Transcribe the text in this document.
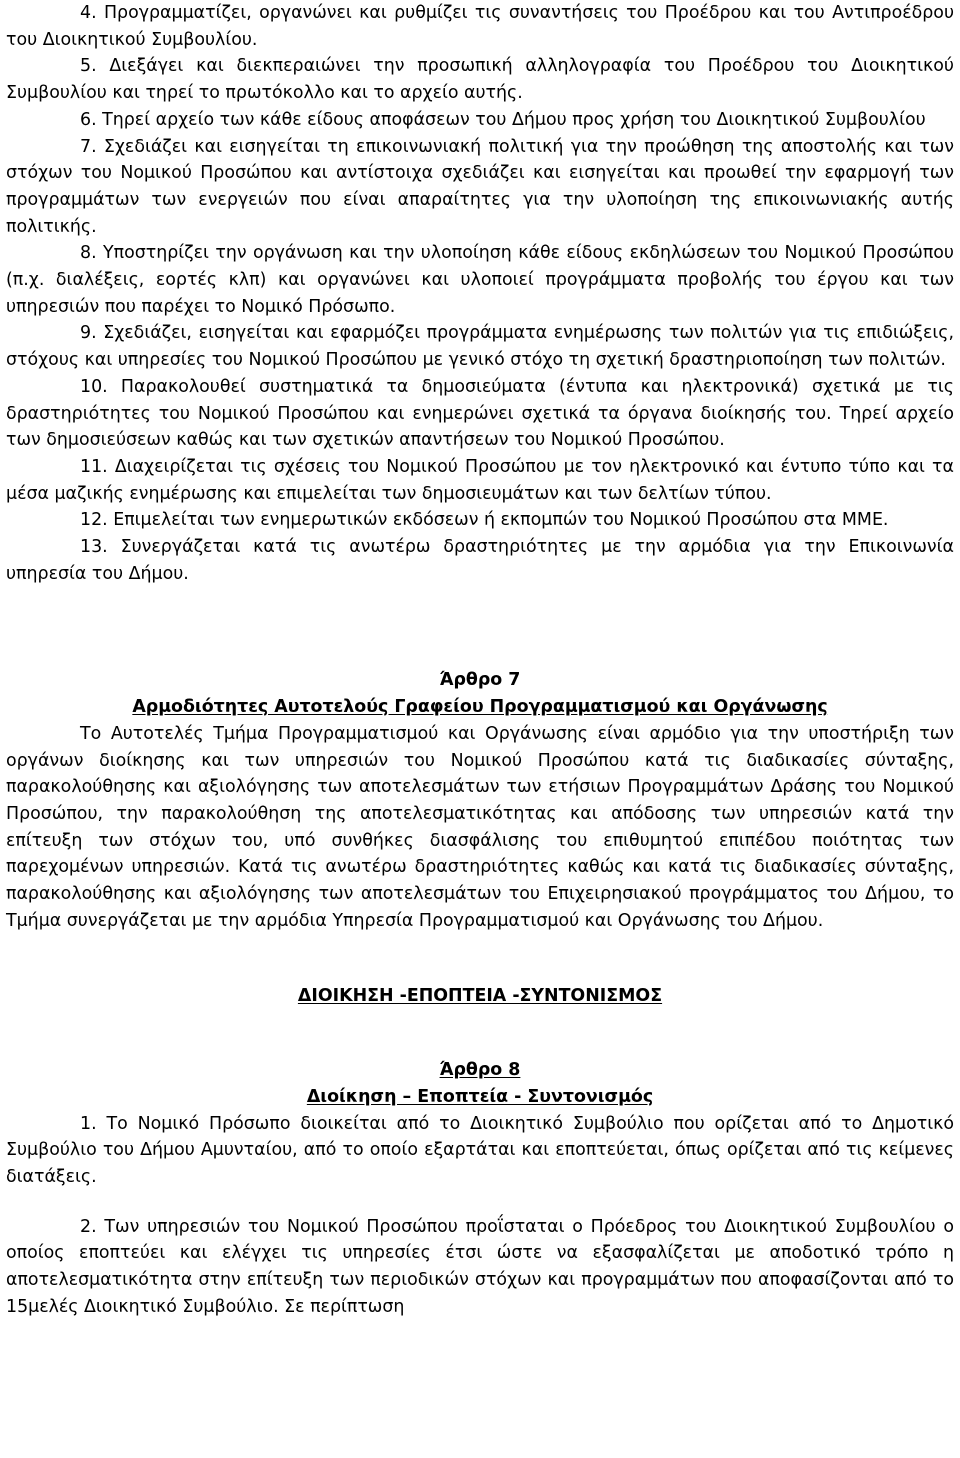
4. Προγραμματίζει, οργανώνει και ρυθμίζει τις συναντήσεις του Προέδρου και του Αντιπροέδρου του Διοικητικού Συμβουλίου.

5. Διεξάγει και διεκπεραιώνει την προσωπική αλληλογραφία του Προέδρου του Διοικητικού Συμβουλίου και τηρεί το πρωτόκολλο και το αρχείο αυτής.

6. Τηρεί αρχείο των κάθε είδους αποφάσεων του Δήμου προς χρήση του Διοικητικού Συμβουλίου

7. Σχεδιάζει και εισηγείται τη επικοινωνιακή πολιτική για την προώθηση της αποστολής και των στόχων του Νομικού Προσώπου και αντίστοιχα σχεδιάζει και εισηγείται και προωθεί την εφαρμογή των προγραμμάτων των ενεργειών που είναι απαραίτητες για την υλοποίηση της επικοινωνιακής αυτής πολιτικής.

8. Υποστηρίζει την οργάνωση και την υλοποίηση κάθε είδους εκδηλώσεων του Νομικού Προσώπου (π.χ. διαλέξεις, εορτές κλπ) και οργανώνει και υλοποιεί προγράμματα προβολής του έργου και των υπηρεσιών που παρέχει το Νομικό Πρόσωπο.

9. Σχεδιάζει, εισηγείται και εφαρμόζει προγράμματα ενημέρωσης των πολιτών για τις επιδιώξεις, στόχους και υπηρεσίες του Νομικού Προσώπου με γενικό στόχο τη σχετική δραστηριοποίηση των πολιτών.

10. Παρακολουθεί συστηματικά τα δημοσιεύματα (έντυπα και ηλεκτρονικά) σχετικά με τις δραστηριότητες του Νομικού Προσώπου και ενημερώνει σχετικά τα όργανα διοίκησής του. Τηρεί αρχείο των δημοσιεύσεων καθώς και των σχετικών απαντήσεων του Νομικού Προσώπου.

11. Διαχειρίζεται τις σχέσεις του Νομικού Προσώπου με τον ηλεκτρονικό και έντυπο τύπο και τα μέσα μαζικής ενημέρωσης και επιμελείται των δημοσιευμάτων και των δελτίων τύπου.

12. Επιμελείται των ενημερωτικών εκδόσεων ή εκπομπών του Νομικού Προσώπου στα ΜΜΕ.

13. Συνεργάζεται κατά τις ανωτέρω δραστηριότητες με την αρμόδια για την Επικοινωνία υπηρεσία του Δήμου.

Άρθρο 7

Αρμοδιότητες Αυτοτελούς Γραφείου Προγραμματισμού και Οργάνωσης

Το Αυτοτελές Τμήμα Προγραμματισμού και Οργάνωσης είναι αρμόδιο για την υποστήριξη των οργάνων διοίκησης και των υπηρεσιών του Νομικού Προσώπου κατά τις διαδικασίες σύνταξης, παρακολούθησης και αξιολόγησης των αποτελεσμάτων των ετήσιων Προγραμμάτων Δράσης του Νομικού Προσώπου, την παρακολούθηση της αποτελεσματικότητας και απόδοσης των υπηρεσιών κατά την επίτευξη των στόχων του, υπό συνθήκες διασφάλισης του επιθυμητού επιπέδου ποιότητας των παρεχομένων υπηρεσιών. Κατά τις ανωτέρω δραστηριότητες καθώς και κατά τις διαδικασίες σύνταξης, παρακολούθησης και αξιολόγησης των αποτελεσμάτων του Επιχειρησιακού προγράμματος του Δήμου, το Τμήμα συνεργάζεται με την αρμόδια Υπηρεσία Προγραμματισμού και Οργάνωσης του Δήμου.

ΔΙΟΙΚΗΣΗ -ΕΠΟΠΤΕΙΑ -ΣΥΝΤΟΝΙΣΜΟΣ

Άρθρο 8

Διοίκηση – Εποπτεία - Συντονισμός

1. Το Νομικό Πρόσωπο διοικείται από το Διοικητικό Συμβούλιο που ορίζεται από το Δημοτικό Συμβούλιο του Δήμου Αμυνταίου, από το οποίο εξαρτάται και εποπτεύεται, όπως ορίζεται από τις κείμενες διατάξεις.

2. Των υπηρεσιών του Νομικού Προσώπου προΐσταται ο Πρόεδρος του Διοικητικού Συμβουλίου ο οποίος εποπτεύει και ελέγχει τις υπηρεσίες έτσι ώστε να εξασφαλίζεται με αποδοτικό τρόπο η αποτελεσματικότητα στην επίτευξη των περιοδικών στόχων και προγραμμάτων που αποφασίζονται από το 15μελές Διοικητικό Συμβούλιο. Σε περίπτωση
